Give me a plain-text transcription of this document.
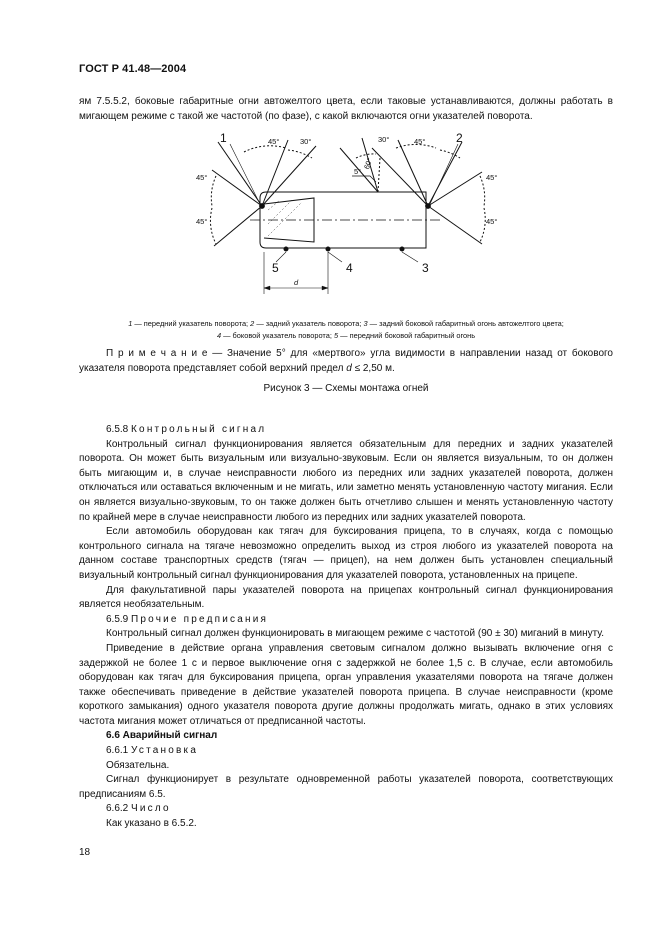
ГОСТ Р 41.48—2004

ям 7.5.5.2, боковые габаритные огни автожелтого цвета, если таковые устанавливаются, должны работать в мигающем режиме с такой же частотой (по фазе), с какой включаются огни указателей поворота.

1	2
3
4
5
45°	30°	30°	45°
45°
45°
45°
45°
60°
5°
d
1 — передний указатель поворота; 2 — задний указатель поворота; 3 — задний боковой габаритный огонь автожелтого цвета;
4 — боковой указатель поворота; 5 — передний боковой габаритный огонь

П р и м е ч а н и е — Значение 5° для «мертвого» угла видимости в направлении назад от бокового указателя поворота представляет собой верхний предел d ≤ 2,50 м.

Рисунок 3 — Схемы монтажа огней

6.5.8 Контрольный сигнал

Контрольный сигнал функционирования является обязательным для передних и задних указателей поворота. Он может быть визуальным или визуально-звуковым. Если он является визуальным, то он должен быть мигающим и, в случае неисправности любого из передних или задних указателей поворота, должен отключаться или оставаться включенным и не мигать, или заметно менять установленную частоту мигания. Если он является визуально-звуковым, то он также должен быть отчетливо слышен и менять установленную частоту по крайней мере в случае неисправности любого из передних или задних указателей поворота.

Если автомобиль оборудован как тягач для буксирования прицепа, то в случаях, когда с помощью контрольного сигнала на тягаче невозможно определить выход из строя любого из указателей поворота на данном составе транспортных средств (тягач — прицеп), на нем должен быть установлен специальный визуальный контрольный сигнал функционирования для указателей поворота, установленных на прицепе.

Для факультативной пары указателей поворота на прицепах контрольный сигнал функционирования является необязательным.

6.5.9 Прочие предписания

Контрольный сигнал должен функционировать в мигающем режиме с частотой (90 ± 30) миганий в минуту.

Приведение в действие органа управления световым сигналом должно вызывать включение огня с задержкой не более 1 с и первое выключение огня с задержкой не более 1,5 с. В случае, если автомобиль оборудован как тягач для буксирования прицепа, орган управления указателями поворота на тягаче должен также обеспечивать приведение в действие указателей поворота прицепа. В случае неисправности (кроме короткого замыкания) одного указателя поворота другие должны продолжать мигать, однако в этих условиях частота мигания может отличаться от предписанной частоты.

6.6 Аварийный сигнал

6.6.1 Установка

Обязательна.

Сигнал функционирует в результате одновременной работы указателей поворота, соответствующих предписаниям 6.5.

6.6.2 Число

Как указано в 6.5.2.

18
